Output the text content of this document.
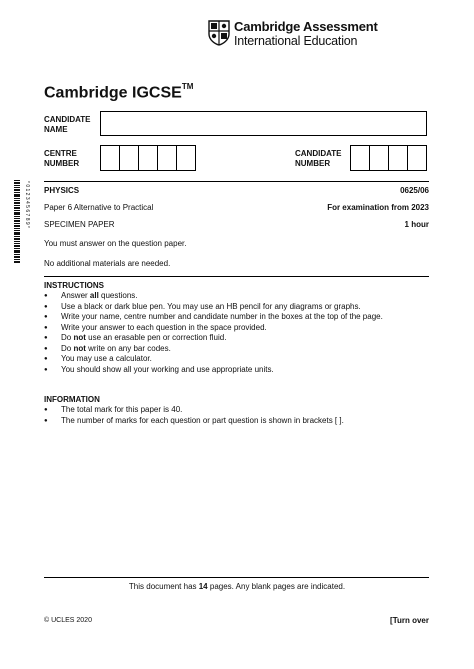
Cambridge Assessment
International Education
Cambridge IGCSE™
CANDIDATE
NAME
CENTRE
NUMBER
CANDIDATE
NUMBER
* 0 1 2 3 4 5 6 7 8 9 * PHYSICS	0625/06
Paper 6 Alternative to Practical	For examination from 2023
SPECIMEN PAPER	1 hour
You must answer on the question paper.
No additional materials are needed.
INSTRUCTIONS
● Answer all questions.
● Use a black or dark blue pen. You may use an HB pencil for any diagrams or graphs.
● Write your name, centre number and candidate number in the boxes at the top of the page.
● Write your answer to each question in the space provided.
● Do not use an erasable pen or correction fluid.
● Do not write on any bar codes.
● You may use a calculator.
● You should show all your working and use appropriate units.
INFORMATION
● The total mark for this paper is 40.
● The number of marks for each question or part question is shown in brackets [ ].
This document has 14 pages. Any blank pages are indicated.
© UCLES 2020	[Turn over
